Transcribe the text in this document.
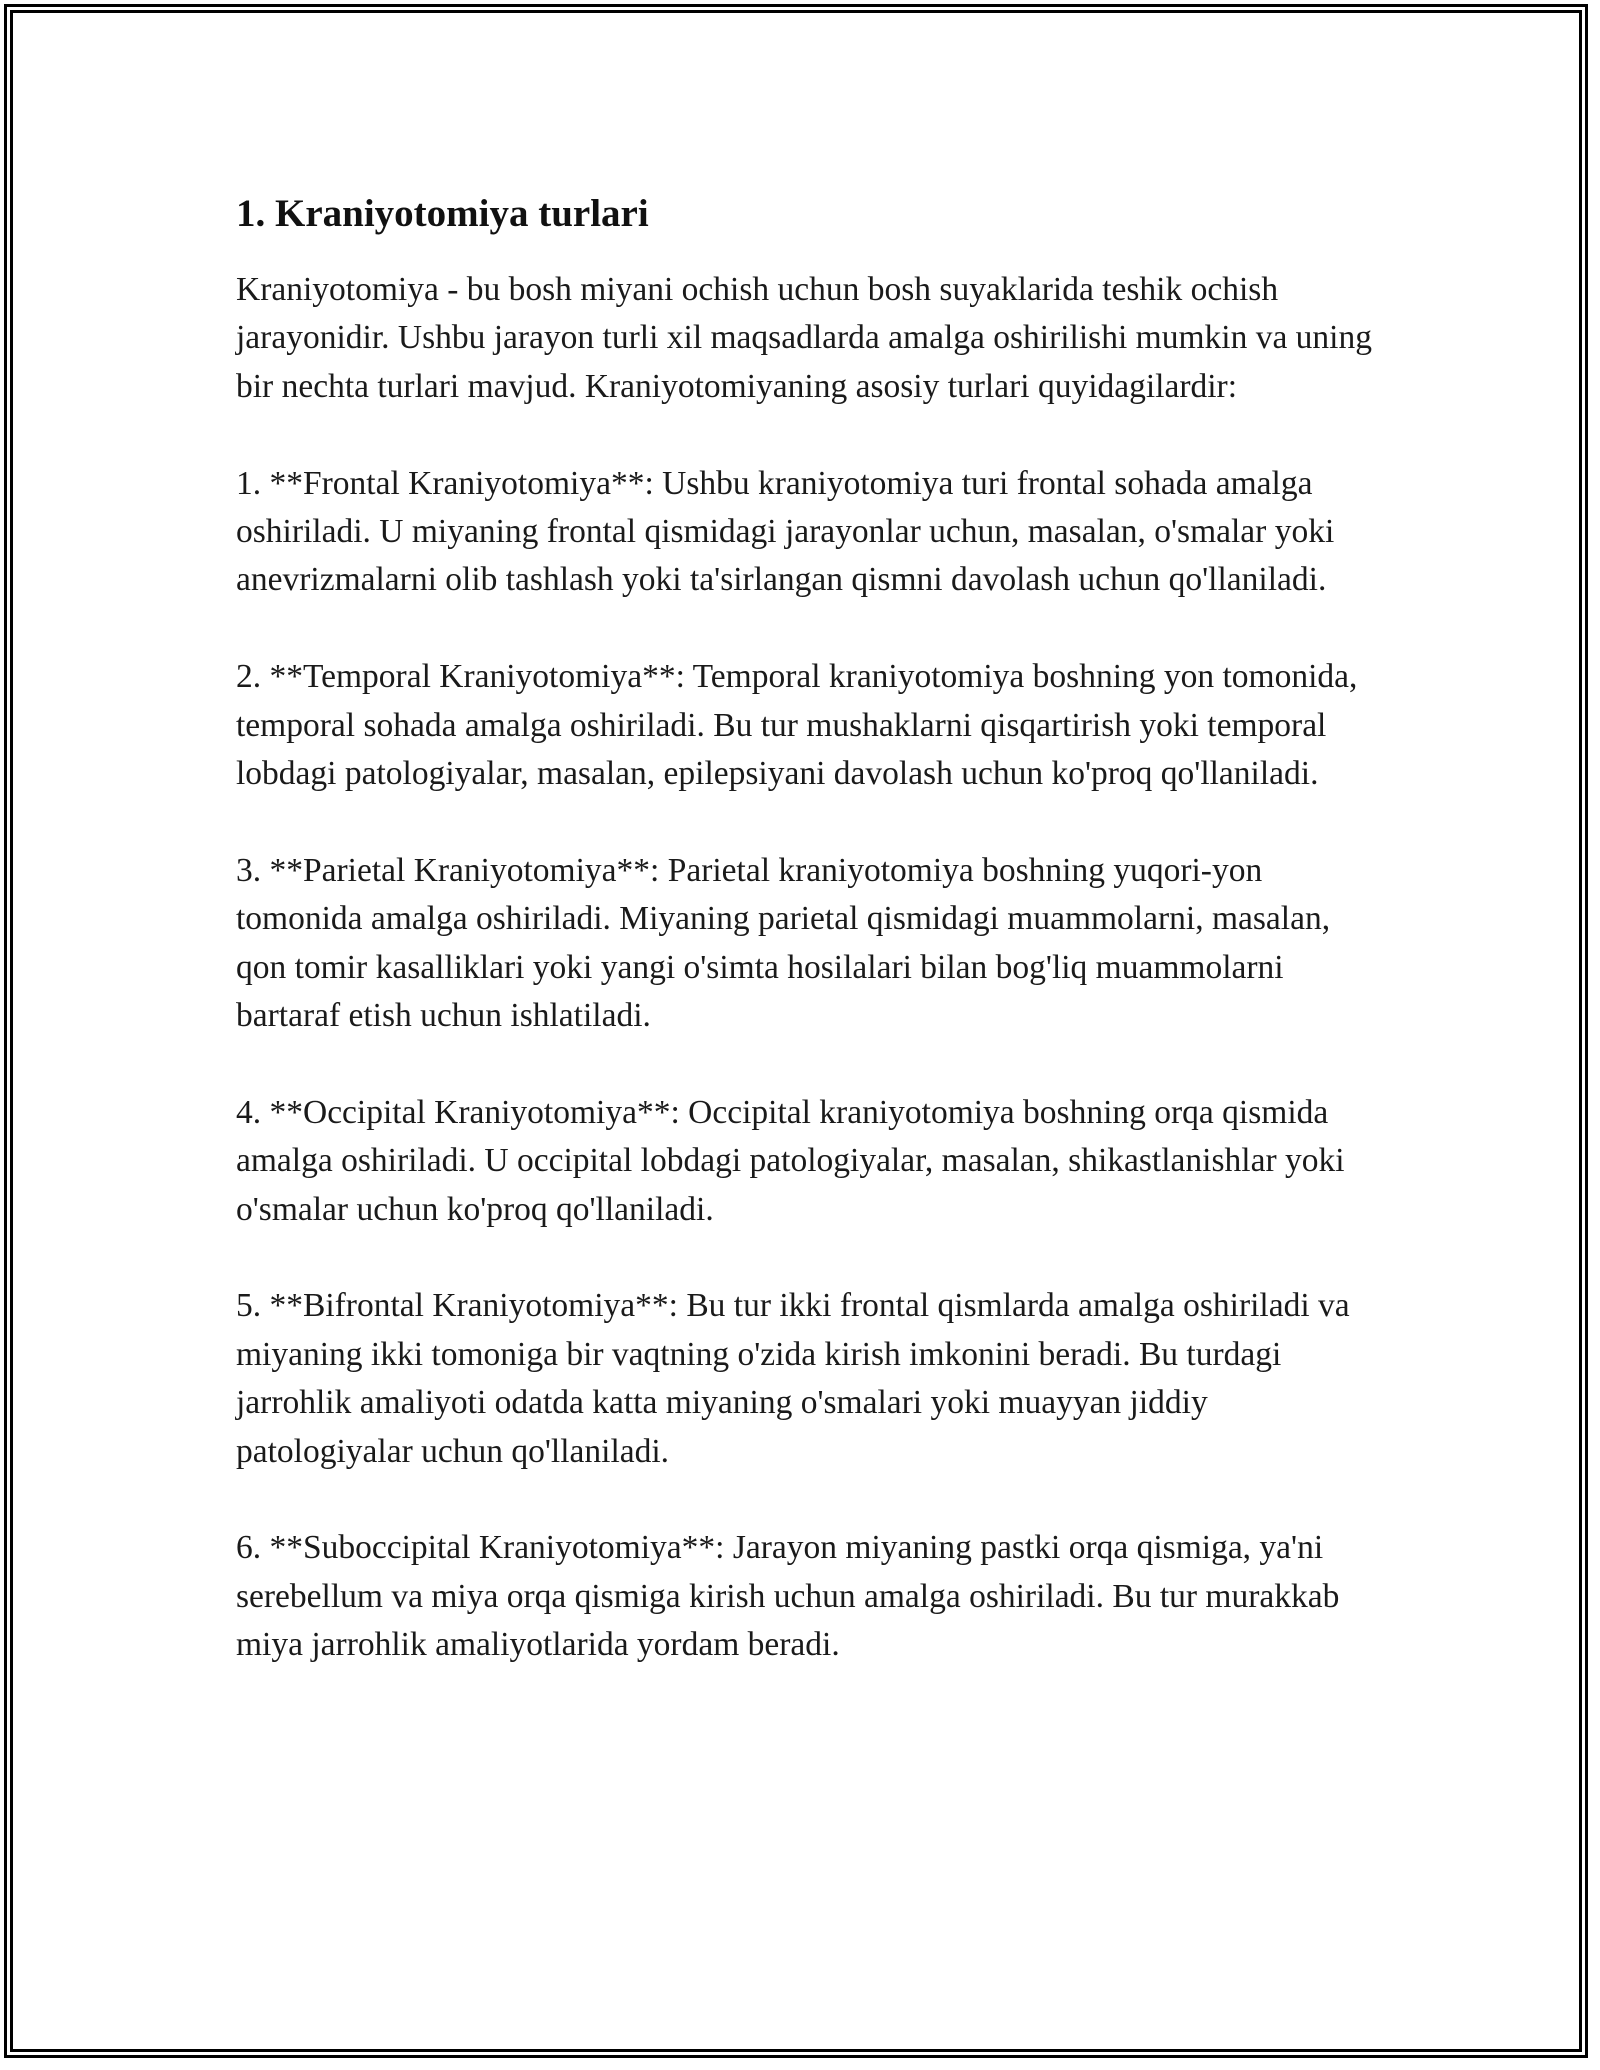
1. Kraniyotomiya turlari

Kraniyotomiya - bu bosh miyani ochish uchun bosh suyaklarida teshik ochish jarayonidir. Ushbu jarayon turli xil maqsadlarda amalga oshirilishi mumkin va uning bir nechta turlari mavjud. Kraniyotomiyaning asosiy turlari quyidagilardir:

1. **Frontal Kraniyotomiya**: Ushbu kraniyotomiya turi frontal sohada amalga oshiriladi. U miyaning frontal qismidagi jarayonlar uchun, masalan, o'smalar yoki anevrizmalarni olib tashlash yoki ta'sirlangan qismni davolash uchun qo'llaniladi.

2. **Temporal Kraniyotomiya**: Temporal kraniyotomiya boshning yon tomonida, temporal sohada amalga oshiriladi. Bu tur mushaklarni qisqartirish yoki temporal lobdagi patologiyalar, masalan, epilepsiyani davolash uchun ko'proq qo'llaniladi.

3. **Parietal Kraniyotomiya**: Parietal kraniyotomiya boshning yuqori-yon tomonida amalga oshiriladi. Miyaning parietal qismidagi muammolarni, masalan, qon tomir kasalliklari yoki yangi o'simta hosilalari bilan bog'liq muammolarni bartaraf etish uchun ishlatiladi.

4. **Occipital Kraniyotomiya**: Occipital kraniyotomiya boshning orqa qismida amalga oshiriladi. U occipital lobdagi patologiyalar, masalan, shikastlanishlar yoki o'smalar uchun ko'proq qo'llaniladi.

5. **Bifrontal Kraniyotomiya**: Bu tur ikki frontal qismlarda amalga oshiriladi va miyaning ikki tomoniga bir vaqtning o'zida kirish imkonini beradi. Bu turdagi jarrohlik amaliyoti odatda katta miyaning o'smalari yoki muayyan jiddiy patologiyalar uchun qo'llaniladi.

6. **Suboccipital Kraniyotomiya**: Jarayon miyaning pastki orqa qismiga, ya'ni serebellum va miya orqa qismiga kirish uchun amalga oshiriladi. Bu tur murakkab miya jarrohlik amaliyotlarida yordam beradi.
